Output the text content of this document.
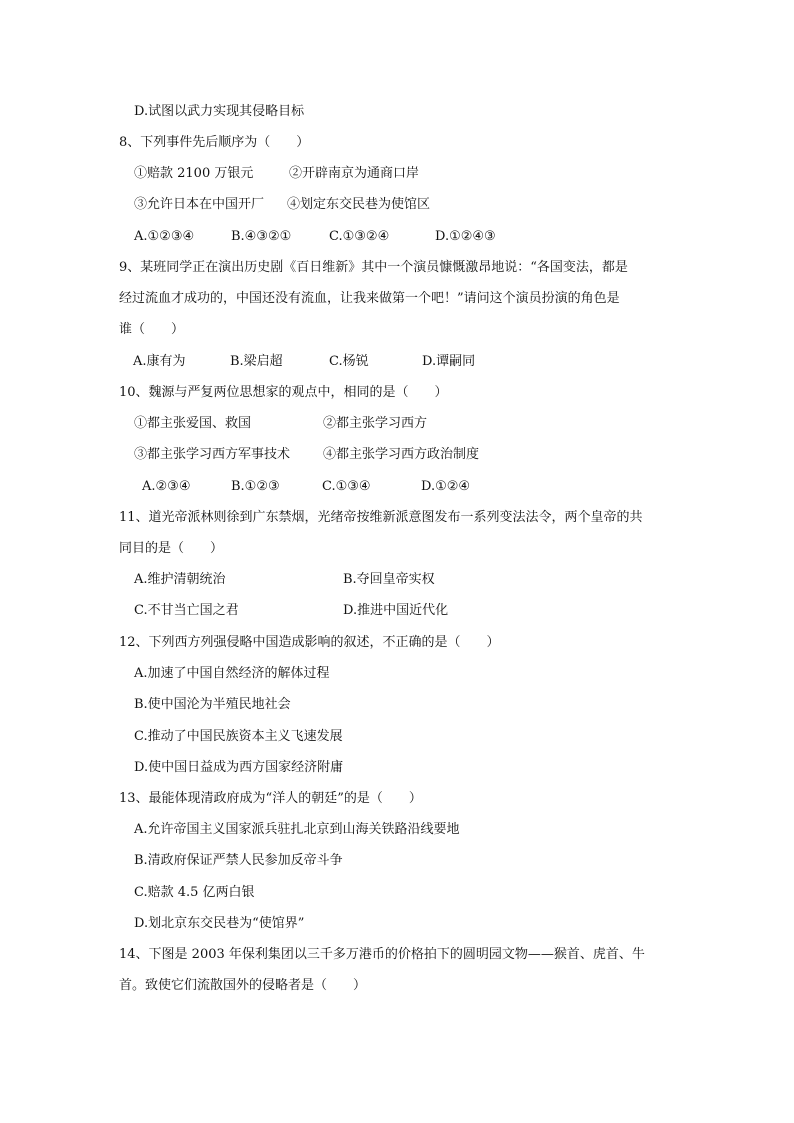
D.试图以武力实现其侵略目标
8、下列事件先后顺序为（　　）
①赔款 2100 万银元	②开辟南京为通商口岸
③允许日本在中国开厂 ④划定东交民巷为使馆区
A.①②③④	B.④③②①	C.①③②④	D.①②④③
9、某班同学正在演出历史剧《百日维新》其中一个演员慷慨激昂地说：“各国变法，都是
经过流血才成功的，中国还没有流血，让我来做第一个吧！”请问这个演员扮演的角色是
谁（　　）
A.康有为	B.梁启超	C.杨锐	D.谭嗣同
10、魏源与严复两位思想家的观点中，相同的是（　　）
①都主张爱国、救国	②都主张学习西方
③都主张学习西方军事技术	④都主张学习西方政治制度
A.②③④	B.①②③	C.①③④	D.①②④
11、道光帝派林则徐到广东禁烟，光绪帝按维新派意图发布一系列变法法令，两个皇帝的共
同目的是（　　）
A.维护清朝统治	B.夺回皇帝实权
C.不甘当亡国之君	D.推进中国近代化
12、下列西方列强侵略中国造成影响的叙述，不正确的是（　　）
A.加速了中国自然经济的解体过程
B.使中国沦为半殖民地社会
C.推动了中国民族资本主义飞速发展
D.使中国日益成为西方国家经济附庸
13、最能体现清政府成为“洋人的朝廷”的是（　　）
A.允许帝国主义国家派兵驻扎北京到山海关铁路沿线要地
B.清政府保证严禁人民参加反帝斗争
C.赔款 4.5 亿两白银
D.划北京东交民巷为“使馆界”
14、下图是 2003 年保利集团以三千多万港币的价格拍下的圆明园文物——猴首、虎首、牛
首。致使它们流散国外的侵略者是（　　）
